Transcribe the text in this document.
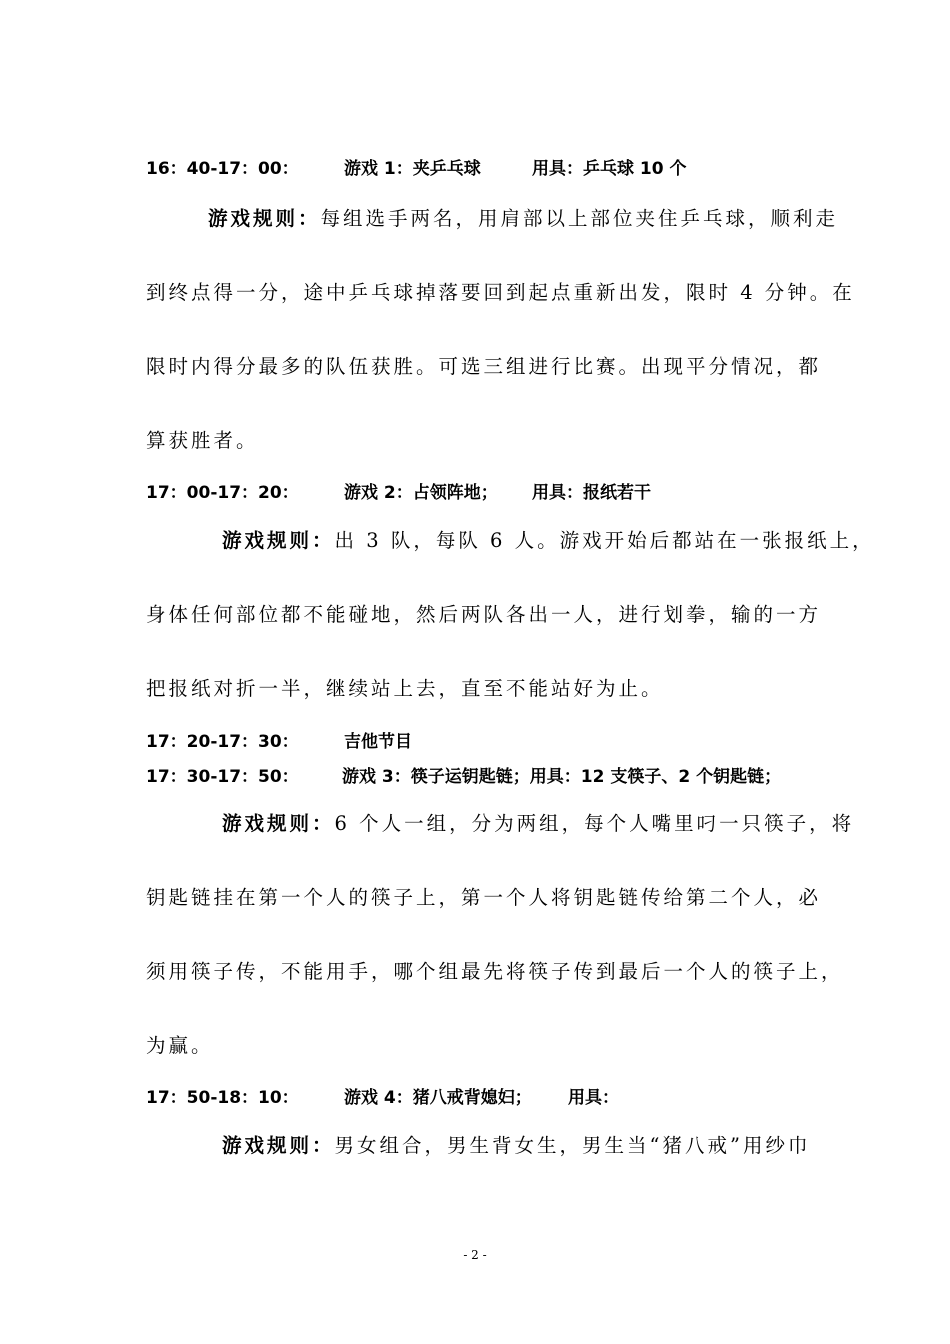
16：40-17：00：	游戏 1：夹乒乓球	用具：乒乓球 10 个
游戏规则：每组选手两名，用肩部以上部位夹住乒乓球，顺利走
到终点得一分，途中乒乓球掉落要回到起点重新出发，限时 4 分钟。在
限时内得分最多的队伍获胜。可选三组进行比赛。出现平分情况，都
算获胜者。
17：00-17：20：	游戏 2：占领阵地； 用具：报纸若干
游戏规则：出 3 队，每队 6 人。游戏开始后都站在一张报纸上，
身体任何部位都不能碰地，然后两队各出一人，进行划拳，输的一方
把报纸对折一半，继续站上去，直至不能站好为止。
17：20-17：30：	吉他节目
17：30-17：50：	游戏 3：筷子运钥匙链；用具：12 支筷子、2 个钥匙链；
游戏规则：6 个人一组，分为两组，每个人嘴里叼一只筷子，将
钥匙链挂在第一个人的筷子上，第一个人将钥匙链传给第二个人，必
须用筷子传，不能用手，哪个组最先将筷子传到最后一个人的筷子上，
为赢。
17：50-18：10：	游戏 4：猪八戒背媳妇； 用具：
游戏规则：男女组合，男生背女生，男生当“猪八戒”用纱巾
- 2 -
